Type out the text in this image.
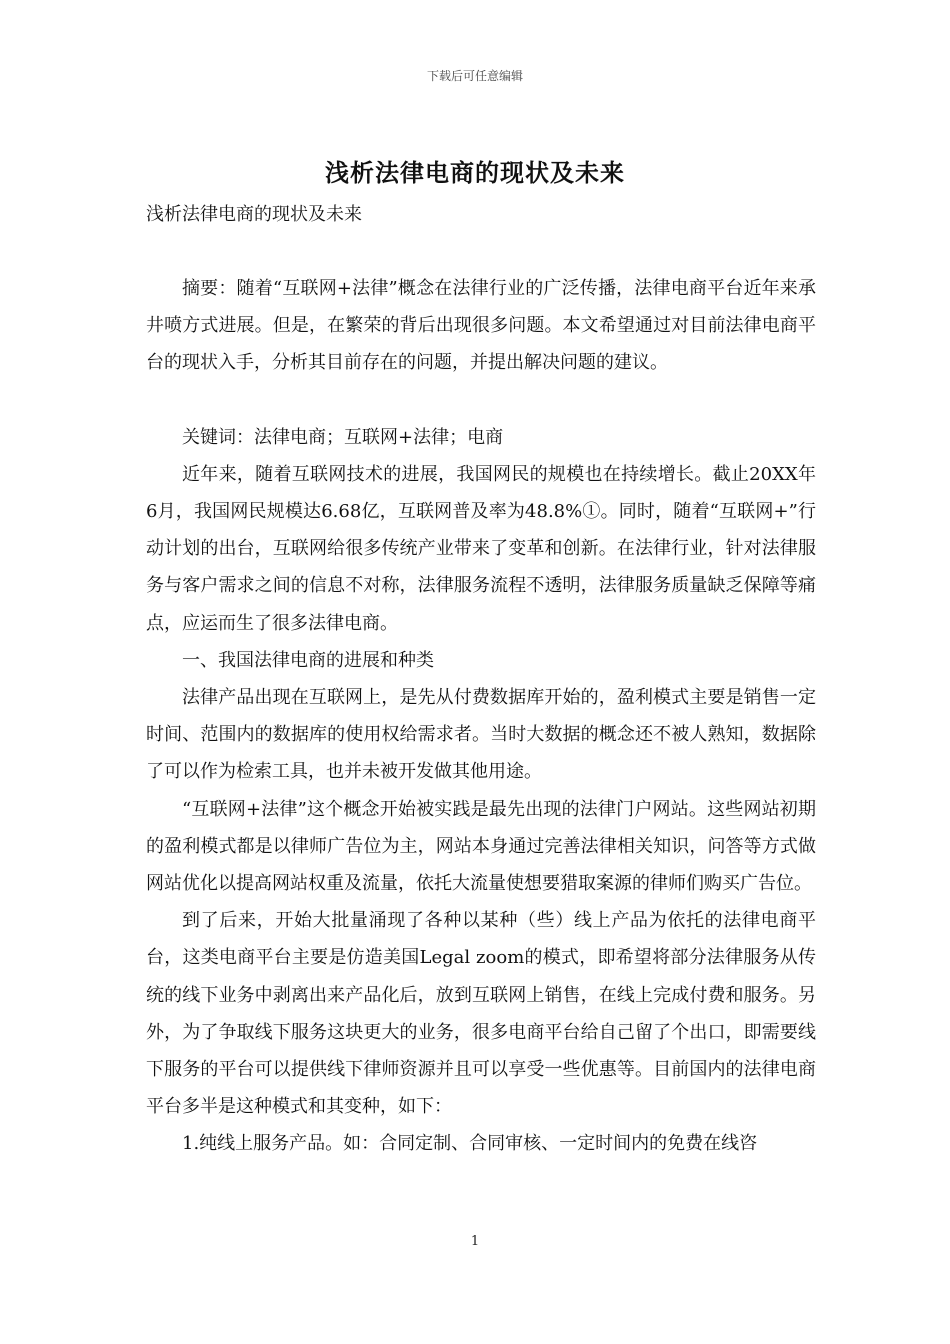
下载后可任意编辑
浅析法律电商的现状及未来
浅析法律电商的现状及未来

摘要：随着“互联网+法律”概念在法律行业的广泛传播，法律电商平台近年来承井喷方式进展。但是，在繁荣的背后出现很多问题。本文希望通过对目前法律电商平台的现状入手，分析其目前存在的问题，并提出解决问题的建议。

关键词：法律电商；互联网+法律；电商

近年来，随着互联网技术的进展，我国网民的规模也在持续增长。截止20XX年6月，我国网民规模达6.68亿，互联网普及率为48.8%①。同时，随着“互联网+”行动计划的出台，互联网给很多传统产业带来了变革和创新。在法律行业，针对法律服务与客户需求之间的信息不对称，法律服务流程不透明，法律服务质量缺乏保障等痛点，应运而生了很多法律电商。

一、我国法律电商的进展和种类

法律产品出现在互联网上，是先从付费数据库开始的，盈利模式主要是销售一定时间、范围内的数据库的使用权给需求者。当时大数据的概念还不被人熟知，数据除了可以作为检索工具，也并未被开发做其他用途。

“互联网+法律”这个概念开始被实践是最先出现的法律门户网站。这些网站初期的盈利模式都是以律师广告位为主，网站本身通过完善法律相关知识，问答等方式做网站优化以提高网站权重及流量，依托大流量使想要猎取案源的律师们购买广告位。

到了后来，开始大批量涌现了各种以某种（些）线上产品为依托的法律电商平台，这类电商平台主要是仿造美国Legal zoom的模式，即希望将部分法律服务从传统的线下业务中剥离出来产品化后，放到互联网上销售，在线上完成付费和服务。另外，为了争取线下服务这块更大的业务，很多电商平台给自己留了个出口，即需要线下服务的平台可以提供线下律师资源并且可以享受一些优惠等。目前国内的法律电商平台多半是这种模式和其变种，如下：

1.纯线上服务产品。如：合同定制、合同审核、一定时间内的免费在线咨

1
